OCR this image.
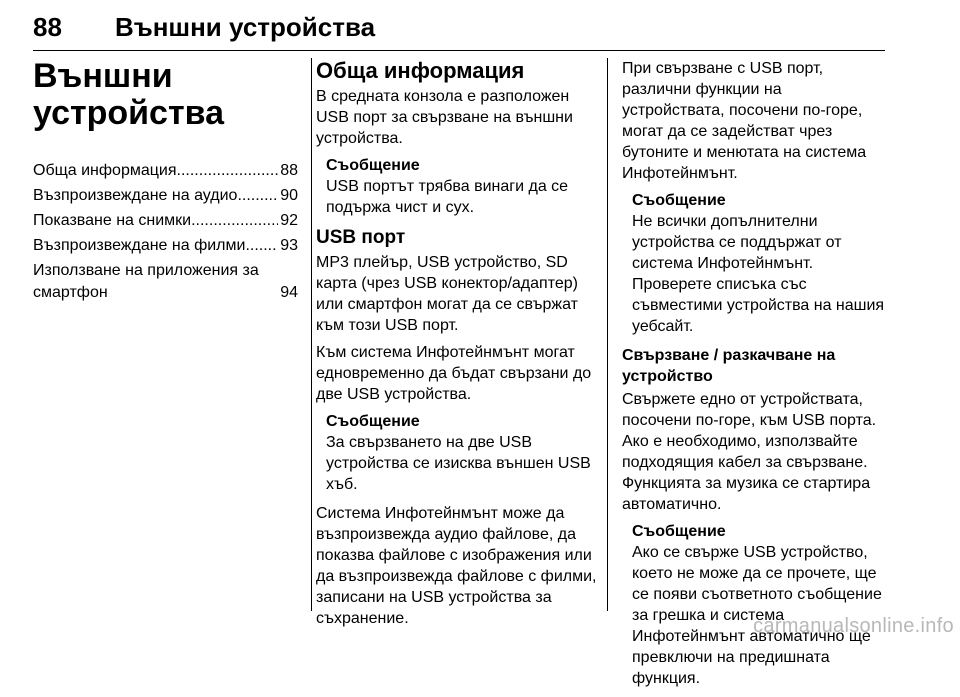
88 Външни устройства
Външни
устройства
Обща информация .....	88
Възпроизвеждане на аудио .....	90
Показване на снимки .....	92
Възпроизвеждане на филми ..... 93
Използване на приложения за смартфон	94
Обща информация

В средната конзола е разположен USB порт за свързване на външни устройства.

Съобщение
USB портът трябва винаги да се подържа чист и сух.
USB порт

MP3 плейър, USB устройство, SD карта (чрез USB конектор/адаптер) или смартфон могат да се свържат към този USB порт.

Към система Инфотейнмънт могат едновременно да бъдат свързани до две USB устройства.

Съобщение
За свързването на две USB устройства се изисква външен USB хъб.

Система Инфотейнмънт може да възпроизвежда аудио файлове, да показва файлове с изображения или да възпроизвежда файлове с филми, записани на USB устройства за съхранение.

При свързване с USB порт, различни функции на устройствата, посочени по-горе, могат да се задействат чрез бутоните и менютата на система Инфотейнмънт.

Съобщение
Не всички допълнителни устройства се поддържат от система Инфотейнмънт. Проверете списъка със съвместими устройства на нашия уебсайт.
Свързване / разкачване на устройство

Свържете едно от устройствата, посочени по-горе, към USB порта. Ако е необходимо, използвайте подходящия кабел за свързване. Функцията за музика се стартира автоматично.

Съобщение
Ако се свърже USB устройство, което не може да се прочете, ще се появи съответното съобщение за грешка и система Инфотейнмънт автоматично ще превключи на предишната функция.
carmanualsonline.info
